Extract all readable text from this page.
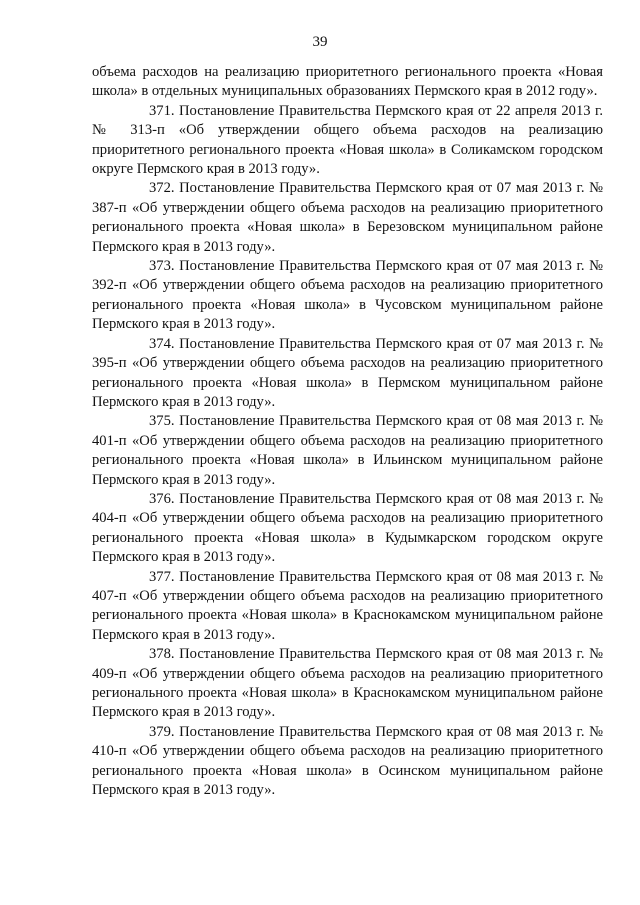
39

объема расходов на реализацию приоритетного регионального проекта «Новая школа» в отдельных муниципальных образованиях Пермского края в 2012 году».

371. Постановление Правительства Пермского края от 22 апреля 2013 г. № 313-п «Об утверждении общего объема расходов на реализацию приоритетного регионального проекта «Новая школа» в Соликамском городском округе Пермского края в 2013 году».

372. Постановление Правительства Пермского края от 07 мая 2013 г. № 387-п «Об утверждении общего объема расходов на реализацию приоритетного регионального проекта «Новая школа» в Березовском муниципальном районе Пермского края в 2013 году».

373. Постановление Правительства Пермского края от 07 мая 2013 г. № 392-п «Об утверждении общего объема расходов на реализацию приоритетного регионального проекта «Новая школа» в Чусовском муниципальном районе Пермского края в 2013 году».

374. Постановление Правительства Пермского края от 07 мая 2013 г. № 395-п «Об утверждении общего объема расходов на реализацию приоритетного регионального проекта «Новая школа» в Пермском муниципальном районе Пермского края в 2013 году».

375. Постановление Правительства Пермского края от 08 мая 2013 г. № 401-п «Об утверждении общего объема расходов на реализацию приоритетного регионального проекта «Новая школа» в Ильинском муниципальном районе Пермского края в 2013 году».

376. Постановление Правительства Пермского края от 08 мая 2013 г. № 404-п «Об утверждении общего объема расходов на реализацию приоритетного регионального проекта «Новая школа» в Кудымкарском городском округе Пермского края в 2013 году».

377. Постановление Правительства Пермского края от 08 мая 2013 г. № 407-п «Об утверждении общего объема расходов на реализацию приоритетного регионального проекта «Новая школа» в Краснокамском муниципальном районе Пермского края в 2013 году».

378. Постановление Правительства Пермского края от 08 мая 2013 г. № 409-п «Об утверждении общего объема расходов на реализацию приоритетного регионального проекта «Новая школа» в Краснокамском муниципальном районе Пермского края в 2013 году».

379. Постановление Правительства Пермского края от 08 мая 2013 г. № 410-п «Об утверждении общего объема расходов на реализацию приоритетного регионального проекта «Новая школа» в Осинском муниципальном районе Пермского края в 2013 году».
